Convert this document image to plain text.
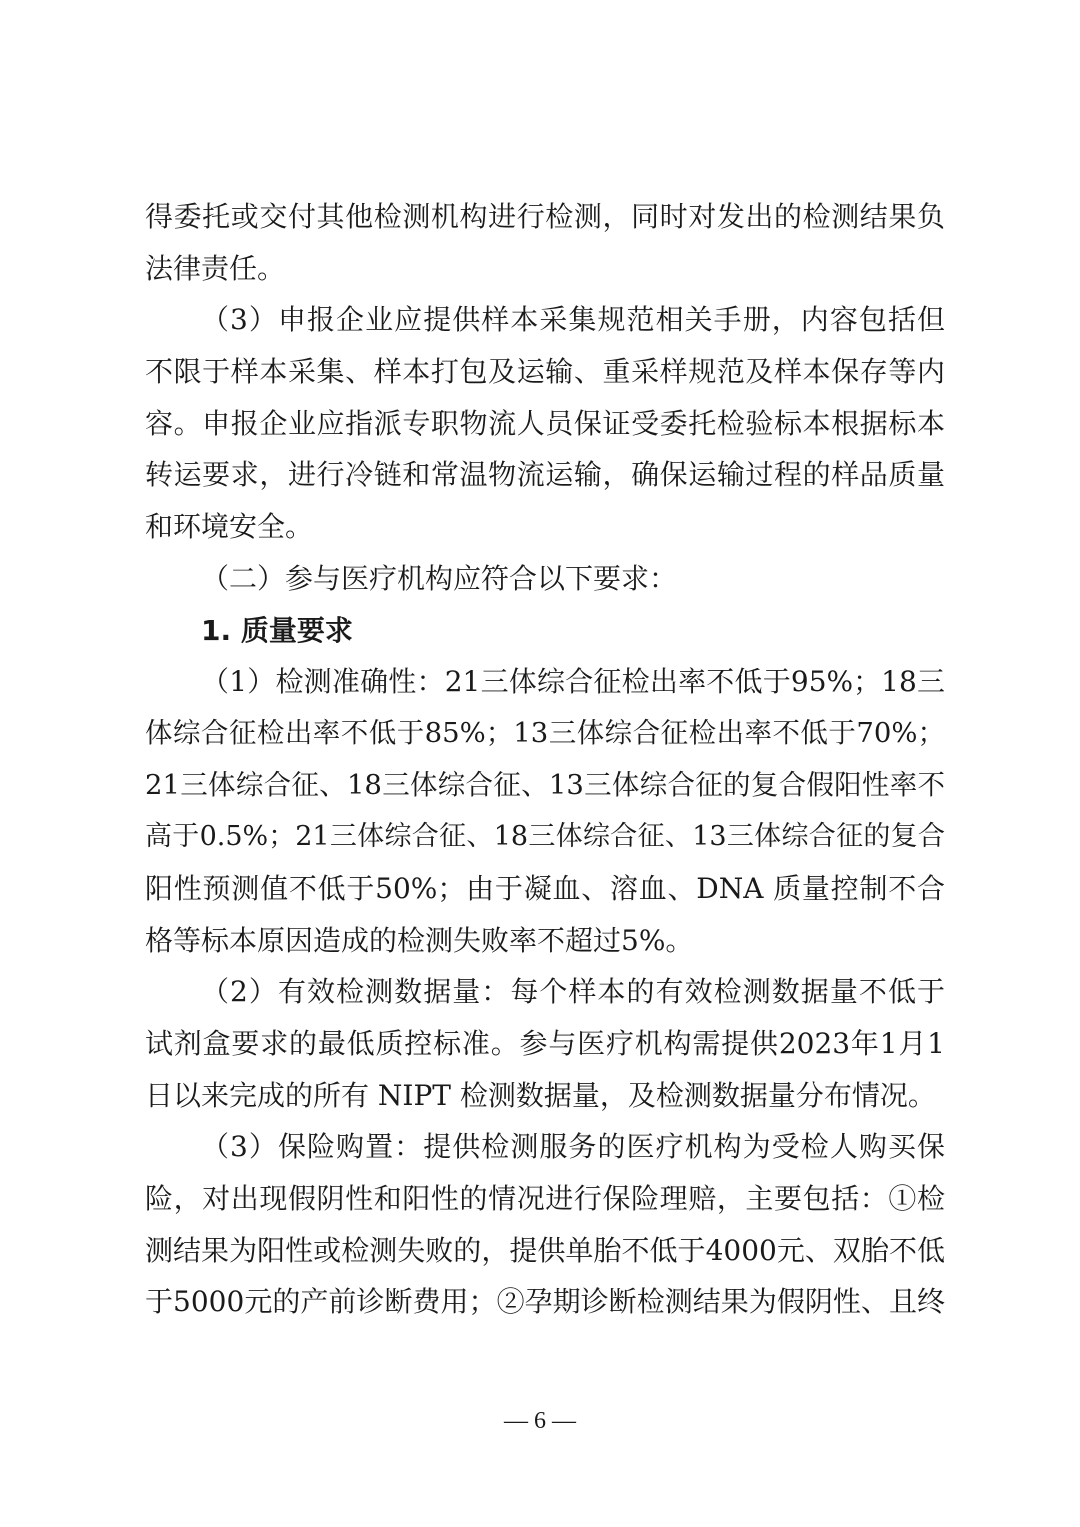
得委托或交付其他检测机构进行检测，同时对发出的检测结果负
法律责任。
（3）申报企业应提供样本采集规范相关手册，内容包括但
不限于样本采集、样本打包及运输、重采样规范及样本保存等内
容。申报企业应指派专职物流人员保证受委托检验标本根据标本
转运要求，进行冷链和常温物流运输，确保运输过程的样品质量
和环境安全。
（二）参与医疗机构应符合以下要求：
1. 质量要求
（1）检测准确性：21三体综合征检出率不低于95%；18三
体综合征检出率不低于85%；13三体综合征检出率不低于70%；
21三体综合征、18三体综合征、13三体综合征的复合假阳性率不
高于0.5%；21三体综合征、18三体综合征、13三体综合征的复合
阳性预测值不低于50%；由于凝血、溶血、DNA 质量控制不合
格等标本原因造成的检测失败率不超过5%。
（2）有效检测数据量：每个样本的有效检测数据量不低于
试剂盒要求的最低质控标准。参与医疗机构需提供2023年1月1
日以来完成的所有 NIPT 检测数据量，及检测数据量分布情况。
（3）保险购置：提供检测服务的医疗机构为受检人购买保
险，对出现假阴性和阳性的情况进行保险理赔，主要包括：①检
测结果为阳性或检测失败的，提供单胎不低于4000元、双胎不低
于5000元的产前诊断费用；②孕期诊断检测结果为假阴性、且终
— 6 —
